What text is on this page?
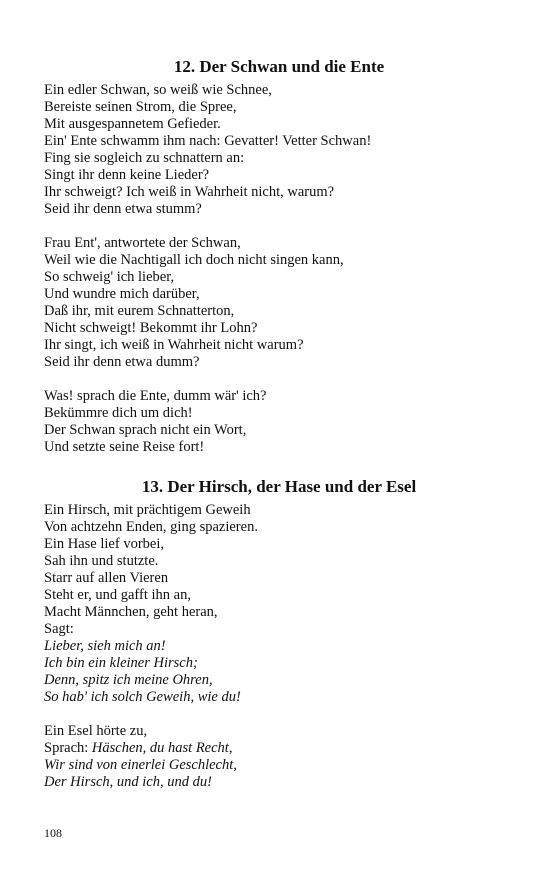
12. Der Schwan und die Ente
Ein edler Schwan, so weiß wie Schnee,
Bereiste seinen Strom, die Spree,
Mit ausgespannetem Gefieder.
Ein' Ente schwamm ihm nach: Gevatter! Vetter Schwan!
Fing sie sogleich zu schnattern an:
Singt ihr denn keine Lieder?
Ihr schweigt? Ich weiß in Wahrheit nicht, warum?
Seid ihr denn etwa stumm?
Frau Ent', antwortete der Schwan,
Weil wie die Nachtigall ich doch nicht singen kann,
So schweig' ich lieber,
Und wundre mich darüber,
Daß ihr, mit eurem Schnatterton,
Nicht schweigt! Bekommt ihr Lohn?
Ihr singt, ich weiß in Wahrheit nicht warum?
Seid ihr denn etwa dumm?
Was! sprach die Ente, dumm wär' ich?
Bekümmre dich um dich!
Der Schwan sprach nicht ein Wort,
Und setzte seine Reise fort!
13. Der Hirsch, der Hase und der Esel
Ein Hirsch, mit prächtigem Geweih
Von achtzehn Enden, ging spazieren.
Ein Hase lief vorbei,
Sah ihn und stutzte.
Starr auf allen Vieren
Steht er, und gafft ihn an,
Macht Männchen, geht heran,
Sagt:
Lieber, sieh mich an!
Ich bin ein kleiner Hirsch;
Denn, spitz ich meine Ohren,
So hab' ich solch Geweih, wie du!
Ein Esel hörte zu,
Sprach: Häschen, du hast Recht,
Wir sind von einerlei Geschlecht,
Der Hirsch, und ich, und du!
108
